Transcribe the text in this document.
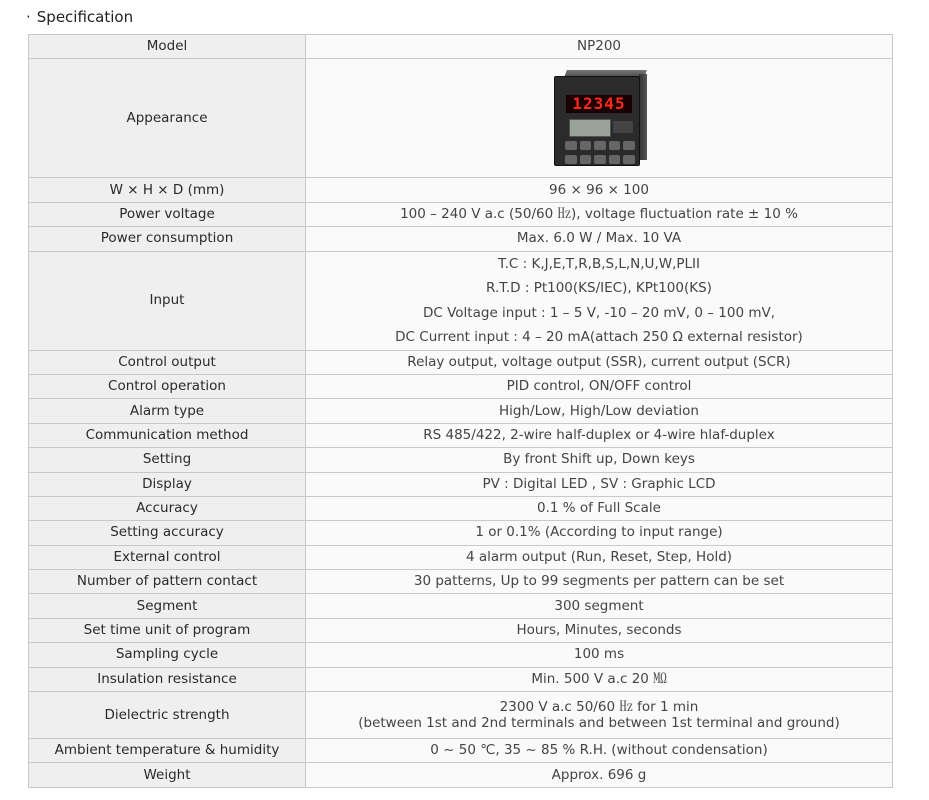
· Specification
Model	NP200
Appearance	12345

W × H × D (mm)	96 × 96 × 100
Power voltage	100 – 240 V a.c (50/60 ㎐), voltage fluctuation rate ± 10 %
Power consumption	Max. 6.0 W / Max. 10 VA
Input	T.C : K,J,E,T,R,B,S,L,N,U,W,PLII
R.T.D : Pt100(KS/IEC), KPt100(KS)
DC Voltage input : 1 – 5 V, -10 – 20 mV, 0 – 100 mV,
DC Current input : 4 – 20 mA(attach 250 Ω external resistor)

Control output	Relay output, voltage output (SSR), current output (SCR)
Control operation	PID control, ON/OFF control
Alarm type	High/Low, High/Low deviation
Communication method	RS 485/422, 2-wire half-duplex or 4-wire hlaf-duplex
Setting	By front Shift up, Down keys
Display	PV : Digital LED , SV : Graphic LCD
Accuracy	0.1 % of Full Scale
Setting accuracy	1 or 0.1% (According to input range)
External control	4 alarm output (Run, Reset, Step, Hold)
Number of pattern contact	30 patterns, Up to 99 segments per pattern can be set
Segment	300 segment
Set time unit of program	Hours, Minutes, seconds
Sampling cycle	100 ms
Insulation resistance	Min. 500 V a.c 20 ㏁
Dielectric strength	2300 V a.c 50/60 ㎐ for 1 min
(between 1st and 2nd terminals and between 1st terminal and ground)

Ambient temperature & humidity	0 ~ 50 ℃, 35 ~ 85 % R.H. (without condensation)
Weight	Approx. 696 g
